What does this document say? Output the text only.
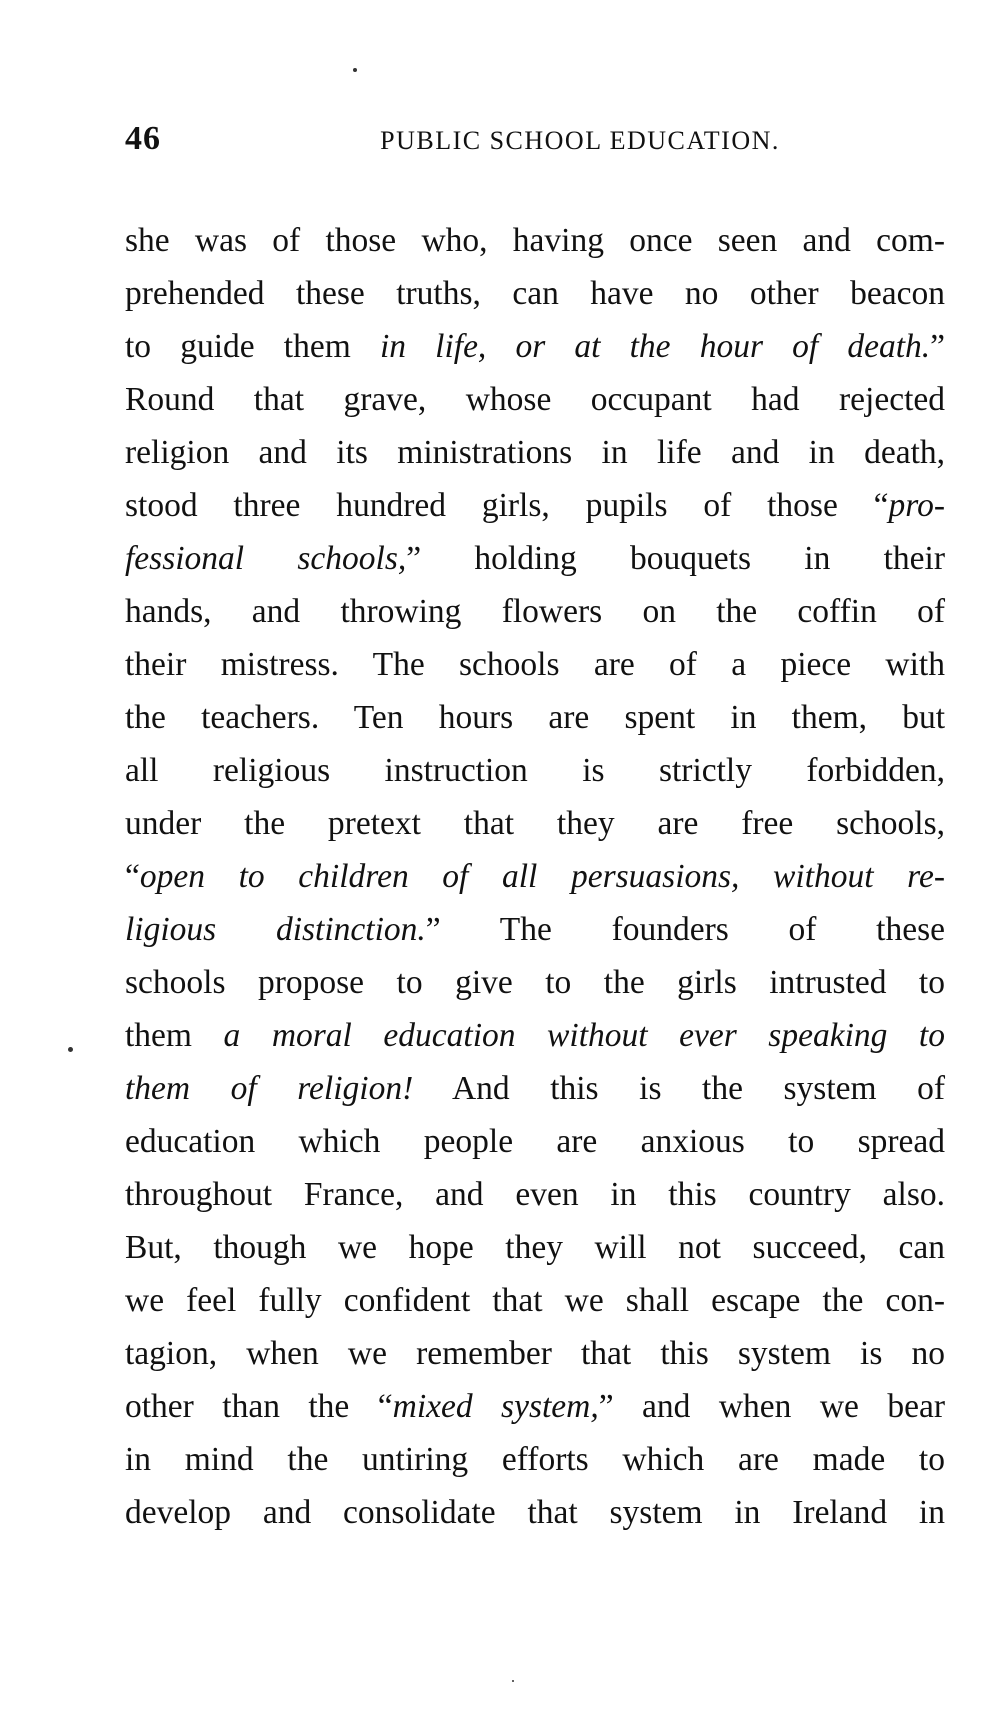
46	PUBLIC SCHOOL EDUCATION.
she was of those who, having once seen and com-
prehended these truths, can have no other beacon
to guide them in life, or at the hour of death.”
Round that grave, whose occupant had rejected
religion and its ministrations in life and in death,
stood three hundred girls, pupils of those “pro-
fessional schools,” holding bouquets in their
hands, and throwing flowers on the coffin of
their mistress. The schools are of a piece with
the teachers. Ten hours are spent in them, but
all religious instruction is strictly forbidden,
under the pretext that they are free schools,
“open to children of all persuasions, without re-
ligious distinction.” The founders of these
schools propose to give to the girls intrusted to
them a moral education without ever speaking to
them of religion! And this is the system of
education which people are anxious to spread
throughout France, and even in this country also.
But, though we hope they will not succeed, can
we feel fully confident that we shall escape the con-
tagion, when we remember that this system is no
other than the “mixed system,” and when we bear
in mind the untiring efforts which are made to
develop and consolidate that system in Ireland in
